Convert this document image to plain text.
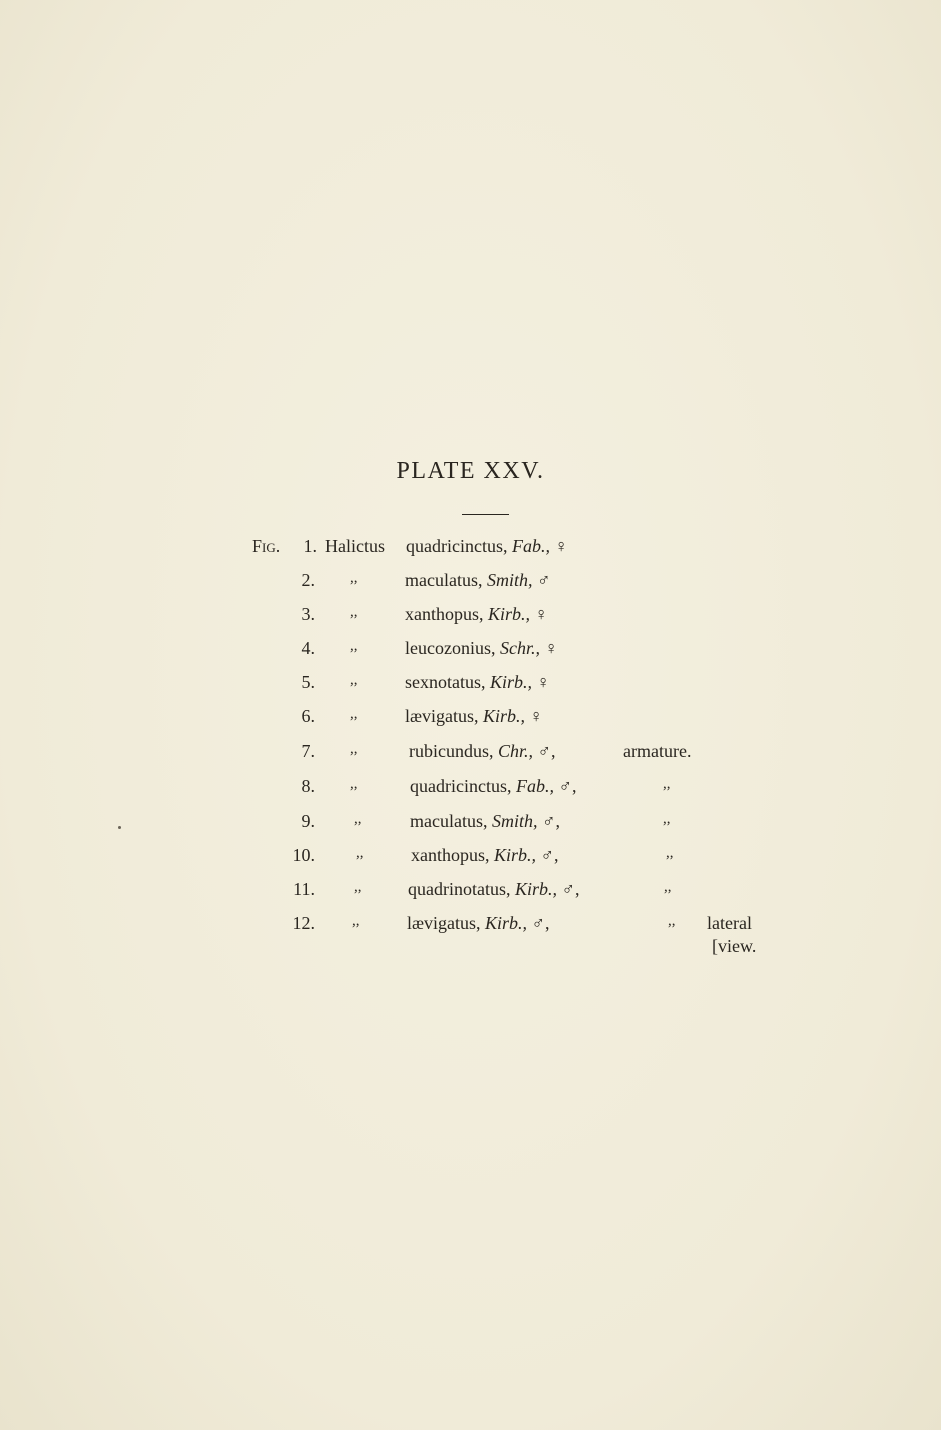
PLATE XXV.
Fig.	1. Halictus quadricinctus, Fab., ♀
2. ,,	maculatus, Smith, ♂
3. ,,	xanthopus, Kirb., ♀
4. ,,	leucozonius, Schr., ♀
5. ,,	sexnotatus, Kirb., ♀
6. ,,	lævigatus, Kirb., ♀
7. ,,	rubicundus, Chr., ♂,	armature.
8. ,,	quadricinctus, Fab., ♂,	,,
9.	,,	maculatus, Smith, ♂,	,,
10.	,,	xanthopus, Kirb., ♂,	,,
11.	,,	quadrinotatus, Kirb., ♂,	,,
12. ,,	lævigatus, Kirb., ♂,	,, lateral
[view.
